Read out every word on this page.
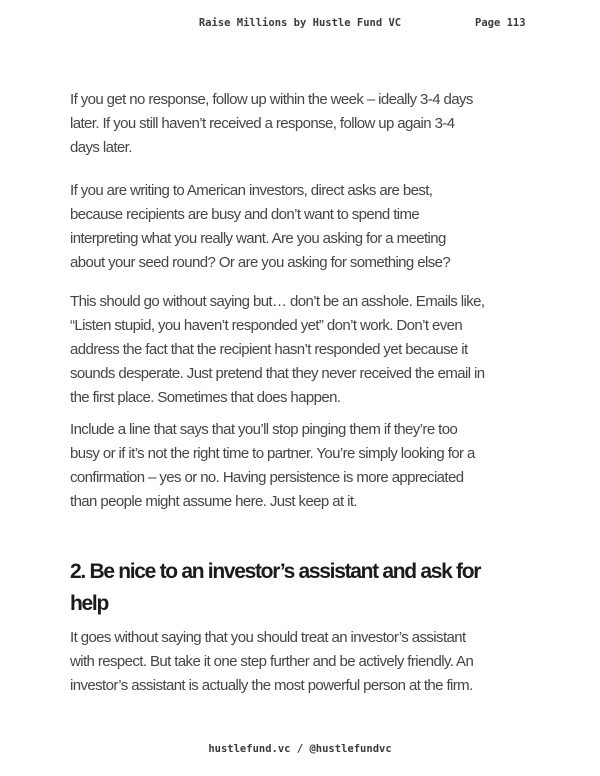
Raise Millions by Hustle Fund VC	Page 113
If you get no response, follow up within the week – ideally 3-4 days
later. If you still haven’t received a response, follow up again 3-4
days later.
If you are writing to American investors, direct asks are best,
because recipients are busy and don’t want to spend time
interpreting what you really want. Are you asking for a meeting
about your seed round? Or are you asking for something else?
This should go without saying but… don’t be an asshole. Emails like,
“Listen stupid, you haven’t responded yet” don’t work. Don’t even
address the fact that the recipient hasn’t responded yet because it
sounds desperate. Just pretend that they never received the email in
the first place. Sometimes that does happen.
Include a line that says that you’ll stop pinging them if they’re too
busy or if it’s not the right time to partner. You’re simply looking for a
confirmation – yes or no. Having persistence is more appreciated
than people might assume here. Just keep at it.
2. Be nice to an investor’s assistant and ask for
help
It goes without saying that you should treat an investor’s assistant
with respect. But take it one step further and be actively friendly. An
investor’s assistant is actually the most powerful person at the firm.
hustlefund.vc / @hustlefundvc
